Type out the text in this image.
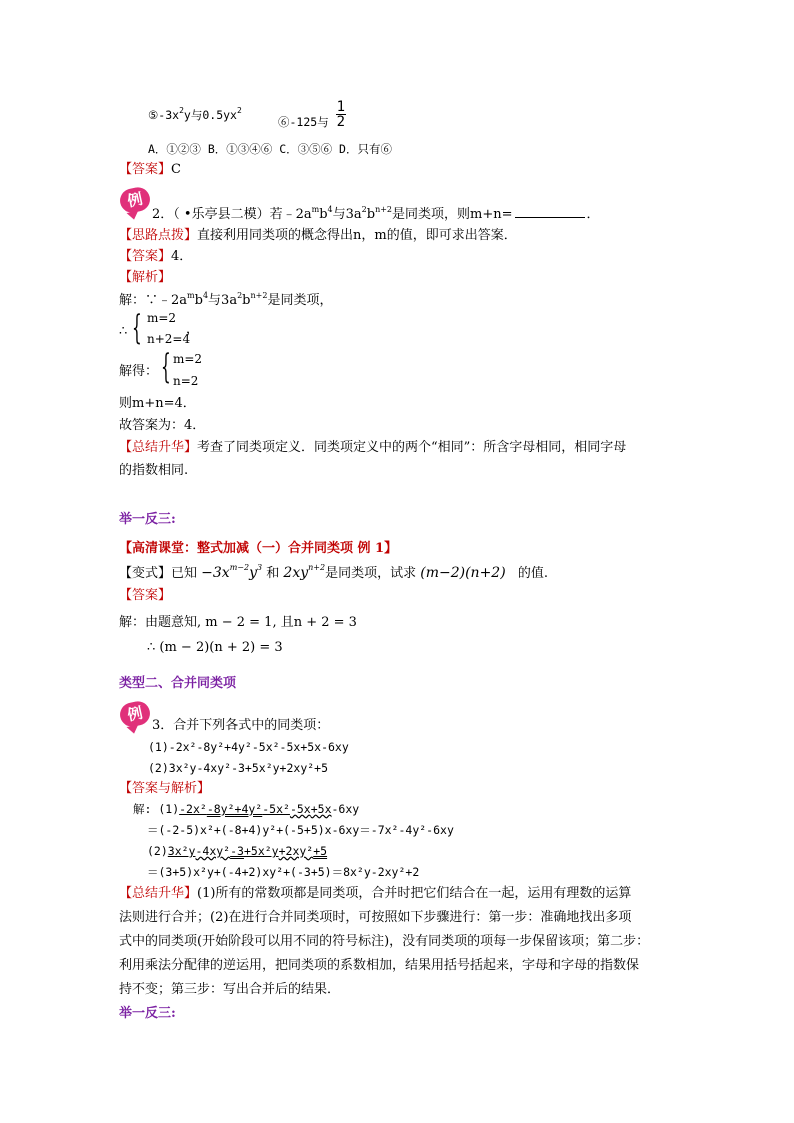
$⑤-3x^2y$与$0.5yx^2$
⑥-125与 $\frac{1}{2}$
A．①②③ B．①③④⑥ C．③⑤⑥ D．只有⑥
【答案】C
例
2．（ •乐亭县二模）若$﹣2a^mb^4$与$3a^2b^{n+2}$是同类项，则m+n=	．
【思路点拨】直接利用同类项的概念得出n，m的值，即可求出答案．
【答案】4．
【解析】
解：$\because﹣2a^mb^4$与$3a^2b^{n+2}$是同类项，
∴ { m=2
n+2=4
，
解得： { m=2
n=2
则m+n=4．
故答案为：4．
【总结升华】考查了同类项定义．同类项定义中的两个“相同”：所含字母相同，相同字母
的指数相同.
举一反三:
【高清课堂：整式加减（一）合并同类项 例 1】
【变式】已知 $-3x^{m-2}y^3$ 和 $2xy^{n+2}$是同类项，试求 (m−2)(n+2) 的值.
【答案】
解：由题意知, m − 2 = 1, 且n + 2 = 3
∴ (m − 2)(n + 2) = 3
类型二、合并同类项
例
3．合并下列各式中的同类项：
(1)-2x²-8y²+4y²-5x²-5x+5x-6xy
(2)3x²y-4xy²-3+5x²y+2xy²+5
【答案与解析】
解: (1)-2x²-8y²+4y²-5x²-5x+5x-6xy
＝(-2-5)x²+(-8+4)y²+(-5+5)x-6xy＝-7x²-4y²-6xy
(2)3x²y-4xy²-3+5x²y+2xy²+5
＝(3+5)x²y+(-4+2)xy²+(-3+5)＝8x²y-2xy²+2
【总结升华】(1)所有的常数项都是同类项，合并时把它们结合在一起，运用有理数的运算
法则进行合并；(2)在进行合并同类项时，可按照如下步骤进行：第一步：准确地找出多项
式中的同类项(开始阶段可以用不同的符号标注)，没有同类项的项每一步保留该项；第二步：
利用乘法分配律的逆运用，把同类项的系数相加，结果用括号括起来，字母和字母的指数保
持不变；第三步：写出合并后的结果．
举一反三:
